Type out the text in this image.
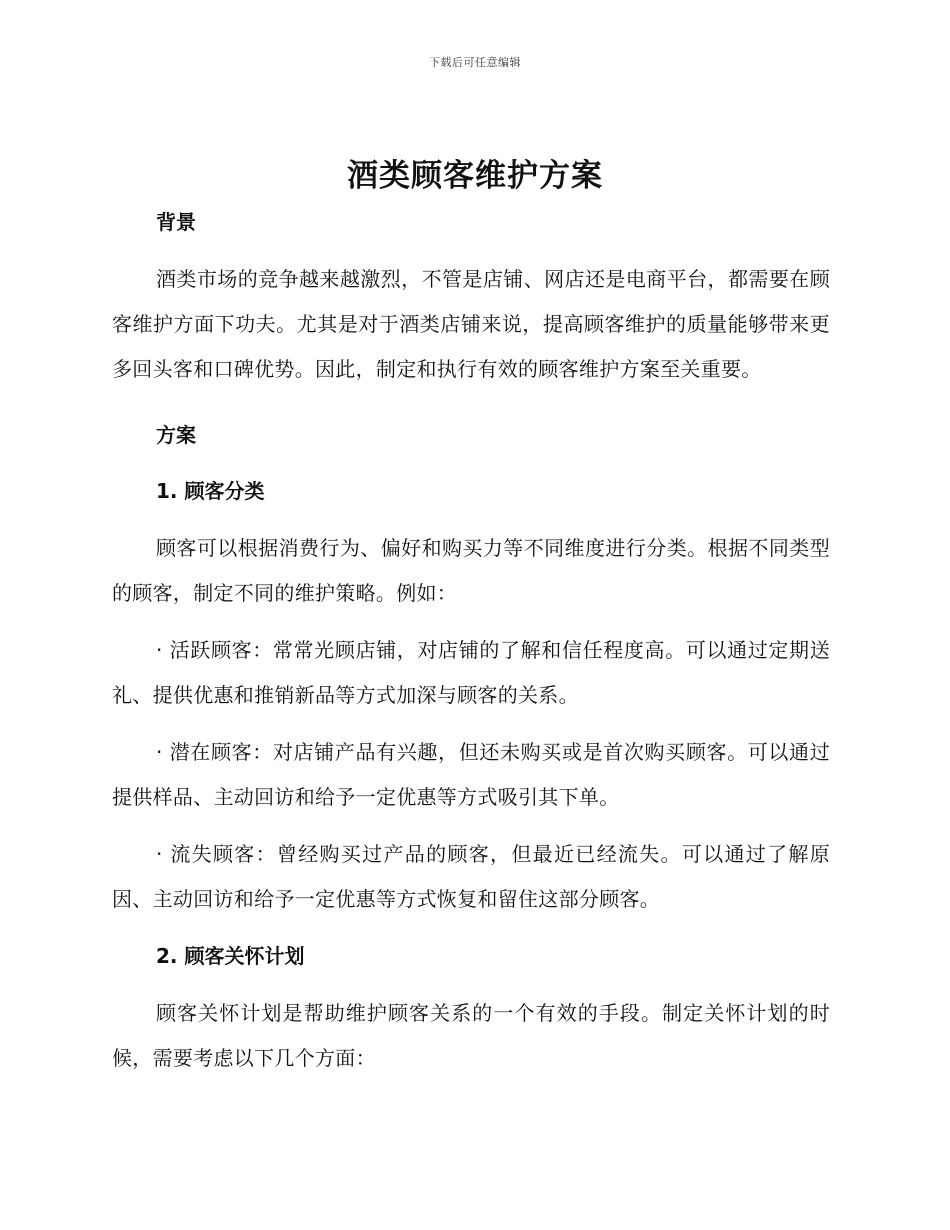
下载后可任意编辑
酒类顾客维护方案

背景

酒类市场的竞争越来越激烈，不管是店铺、网店还是电商平台，都需要在顾客维护方面下功夫。尤其是对于酒类店铺来说，提高顾客维护的质量能够带来更多回头客和口碑优势。因此，制定和执行有效的顾客维护方案至关重要。

方案

1. 顾客分类

顾客可以根据消费行为、偏好和购买力等不同维度进行分类。根据不同类型的顾客，制定不同的维护策略。例如：

· 活跃顾客：常常光顾店铺，对店铺的了解和信任程度高。可以通过定期送礼、提供优惠和推销新品等方式加深与顾客的关系。

· 潜在顾客：对店铺产品有兴趣，但还未购买或是首次购买顾客。可以通过提供样品、主动回访和给予一定优惠等方式吸引其下单。

· 流失顾客：曾经购买过产品的顾客，但最近已经流失。可以通过了解原因、主动回访和给予一定优惠等方式恢复和留住这部分顾客。

2. 顾客关怀计划

顾客关怀计划是帮助维护顾客关系的一个有效的手段。制定关怀计划的时候，需要考虑以下几个方面：
